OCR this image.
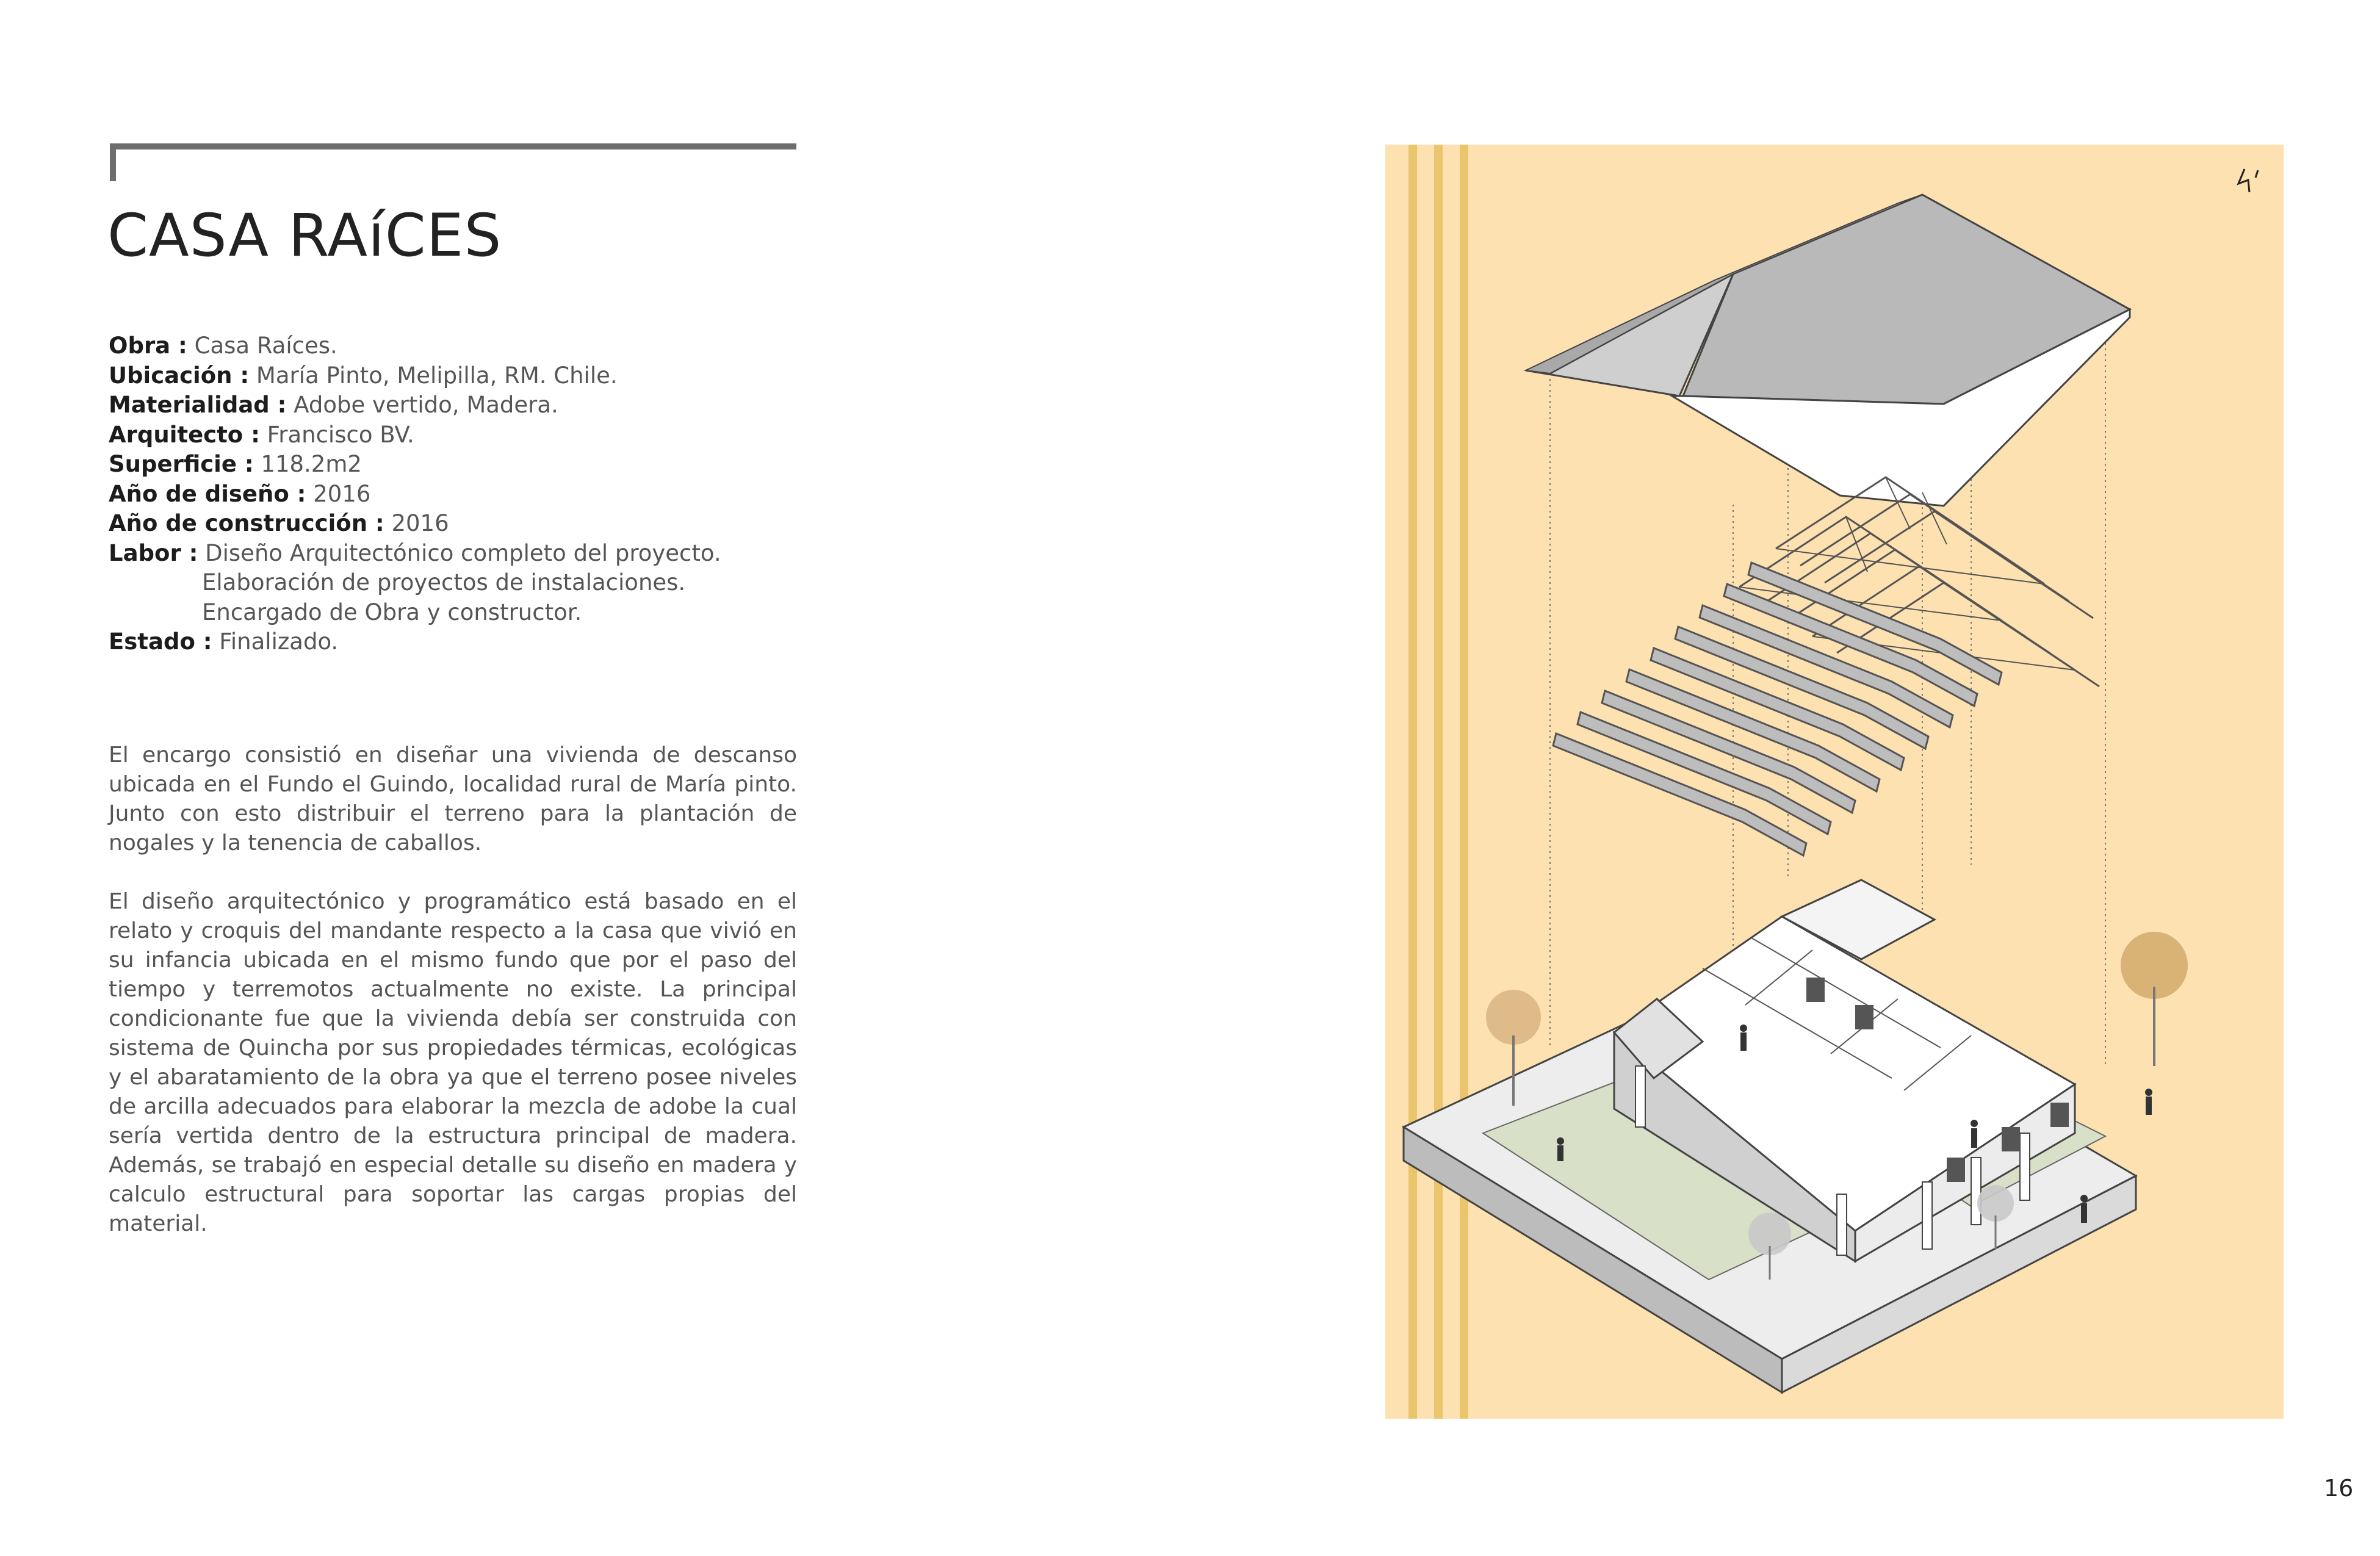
CASA RAíCES
Obra : Casa Raíces.
Ubicación : María Pinto, Melipilla, RM. Chile.
Materialidad : Adobe vertido, Madera.
Arquitecto : Francisco BV.
Superficie : 118.2m2
Año de diseño : 2016
Año de construcción : 2016
Labor : Diseño Arquitectónico completo del proyecto.
Elaboración de proyectos de instalaciones.
Encargado de Obra y constructor.
Estado : Finalizado.

El encargo consistió en diseñar una vivienda de descanso ubicada en el Fundo el Guindo, localidad rural de María pinto. Junto con esto distribuir el terreno para la plantación de nogales y la tenencia de caballos.

El diseño arquitectónico y programático está basado en el relato y croquis del mandante respecto a la casa que vivió en su infancia ubicada en el mismo fundo que por el paso del tiempo y terremotos actualmente no existe. La principal condicionante fue que la vivienda debía ser construida con sistema de Quincha por sus propiedades térmicas, ecológicas y el abaratamiento de la obra ya que el terreno posee niveles de arcilla adecuados para elaborar la mezcla de adobe la cual sería vertida dentro de la estructura principal de madera. Además, se trabajó en especial detalle su diseño en madera y calculo estructural para soportar las cargas propias del material.

16
